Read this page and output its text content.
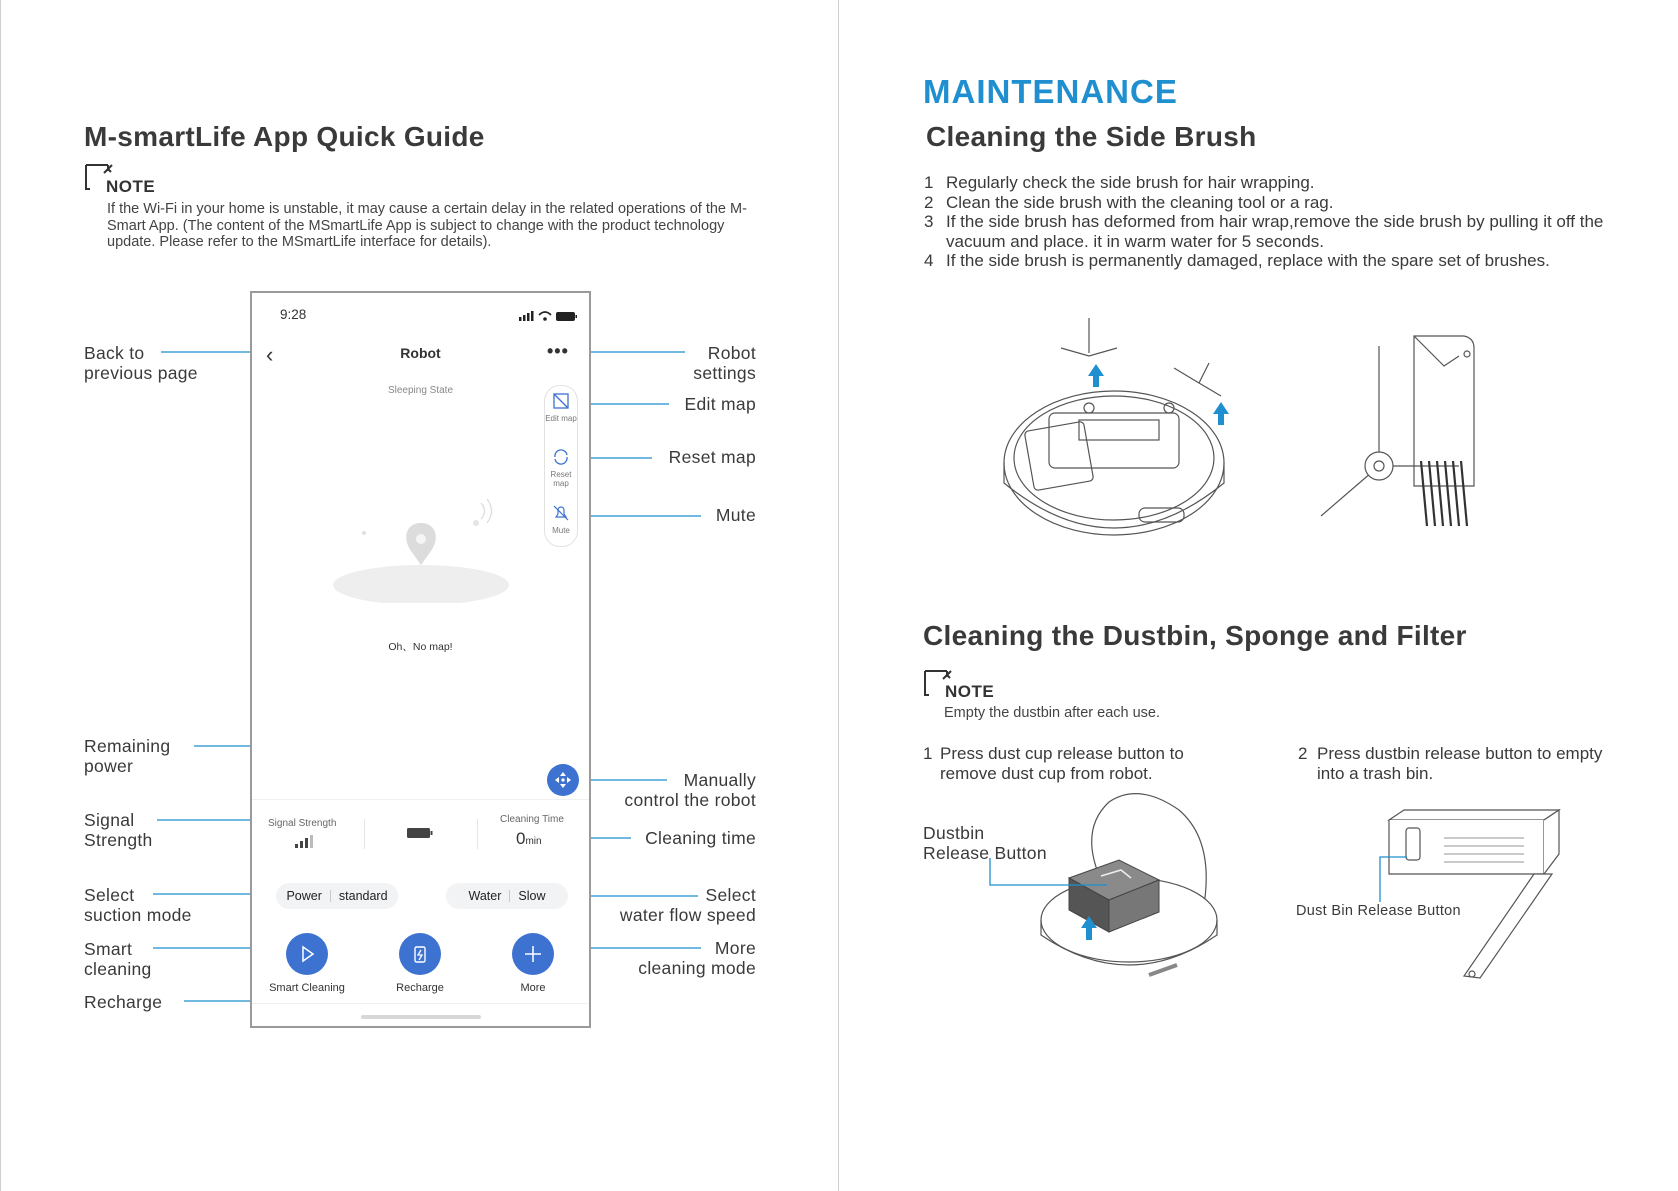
M-smartLife App Quick Guide
NOTE
If the Wi-Fi in your home is unstable, it may cause a certain delay in the related operations of the M-Smart App. (The content of the MSmartLife App is subject to change with the product technology update. Please refer to the MSmartLife interface for details).
Back to
previous page
Remaining
power
Signal
Strength
Select
suction mode
Smart
cleaning
Recharge
Robot
settings
Edit map
Reset map
Mute
Manually
control the robot
Cleaning time
Select
water flow speed
More
cleaning mode
9:28
‹	Robot	•••
Sleeping State
Edit map
Reset map
Mute
Oh、No map!
Signal Strength	Cleaning Time
0min
Power standard	Water Slow
Smart Cleaning	Recharge	More
MAINTENANCE
Cleaning the Side Brush
1 Regularly check the side brush for hair wrapping.
2 Clean the side brush with the cleaning tool or a rag.
3 If the side brush has deformed from hair wrap,remove the side brush by pulling it off the vacuum and place. it in warm water for 5 seconds.
4 If the side brush is permanently damaged, replace with the spare set of brushes.
Cleaning the Dustbin, Sponge and Filter
NOTE
Empty the dustbin after each use.
1 Press dust cup release button to remove dust cup from robot.
2 Press dustbin release button to empty into a trash bin.
Dustbin
Release Button
Dust Bin Release Button
